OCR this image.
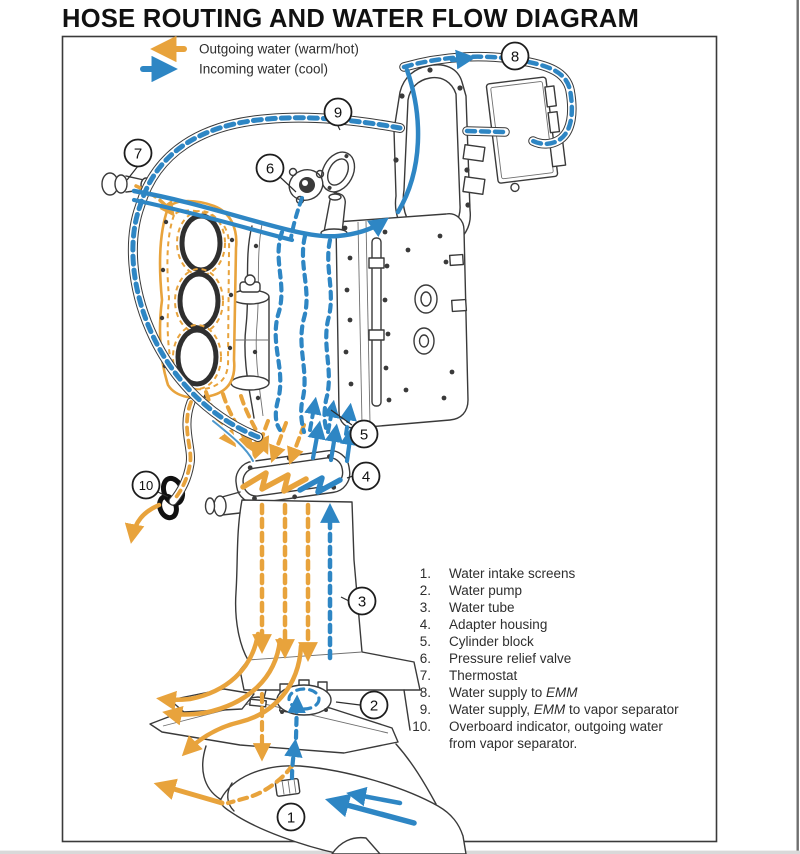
HOSE ROUTING AND WATER FLOW DIAGRAM
Outgoing water (warm/hot)
Incoming water (cool)
7
6
9
8
5
4
10
3
2
1
1. Water intake screens
2. Water pump
3. Water tube
4. Adapter housing
5. Cylinder block
6. Pressure relief valve
7. Thermostat
8. Water supply to EMM
9. Water supply, EMM to vapor separator
10. Overboard indicator, outgoing water
from vapor separator.
